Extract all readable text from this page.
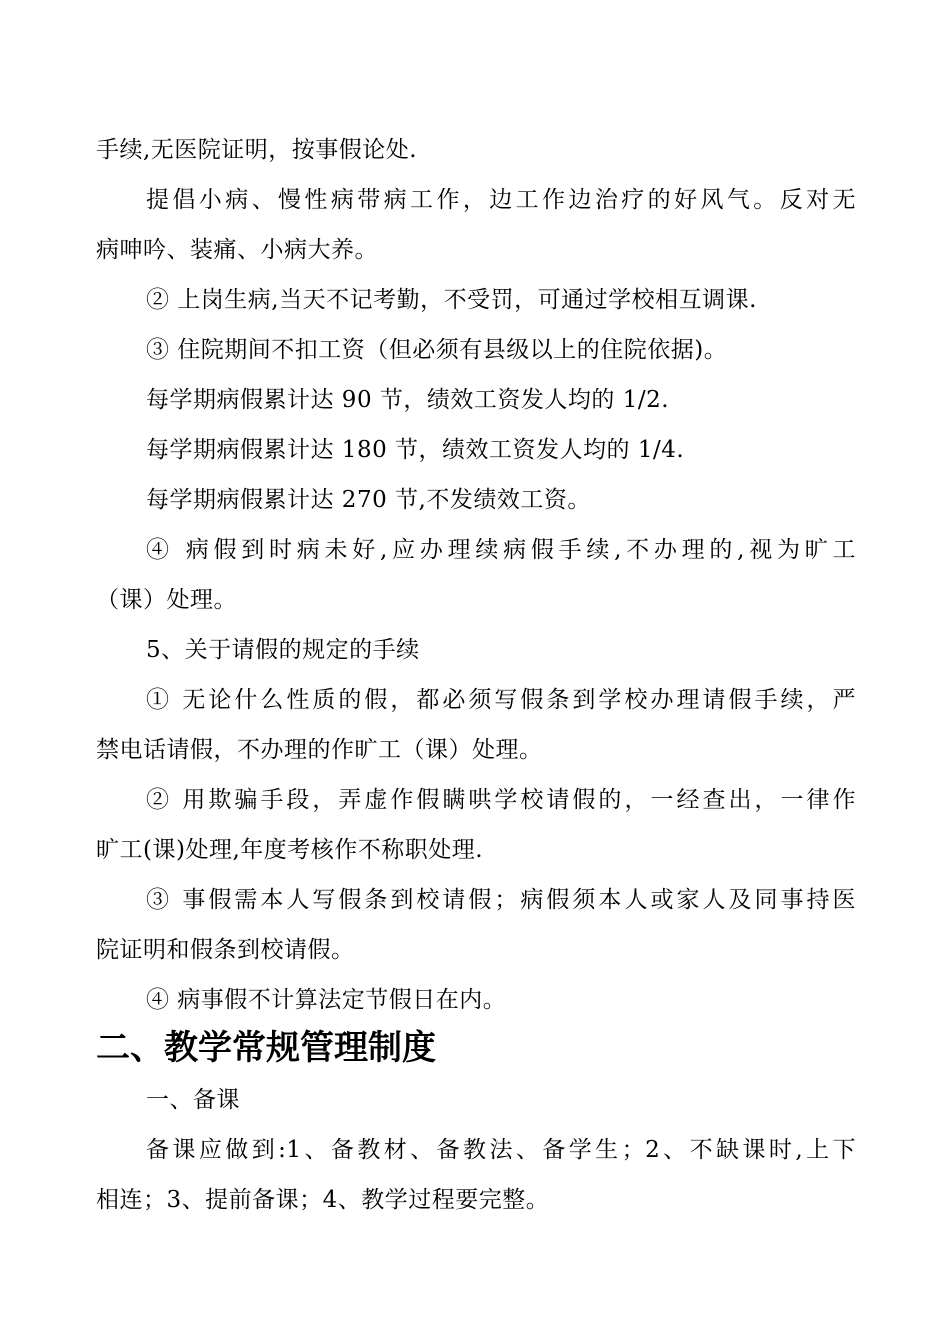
手续,无医院证明，按事假论处.
提倡小病、慢性病带病工作，边工作边治疗的好风气。反对无
病呻吟、装痛、小病大养。
② 上岗生病,当天不记考勤，不受罚，可通过学校相互调课.
③ 住院期间不扣工资（但必须有县级以上的住院依据)。
每学期病假累计达 90 节，绩效工资发人均的 1/2.
每学期病假累计达 180 节，绩效工资发人均的 1/4.
每学期病假累计达 270 节,不发绩效工资。
④ 病假到时病未好,应办理续病假手续,不办理的,视为旷工
（课）处理。
5、关于请假的规定的手续
① 无论什么性质的假，都必须写假条到学校办理请假手续，严
禁电话请假，不办理的作旷工（课）处理。
② 用欺骗手段，弄虚作假瞒哄学校请假的，一经查出，一律作
旷工(课)处理,年度考核作不称职处理.
③ 事假需本人写假条到校请假；病假须本人或家人及同事持医
院证明和假条到校请假。
④ 病事假不计算法定节假日在内。
二、教学常规管理制度
一、备课
备课应做到:1、备教材、备教法、备学生；2、不缺课时,上下
相连；3、提前备课；4、教学过程要完整。
